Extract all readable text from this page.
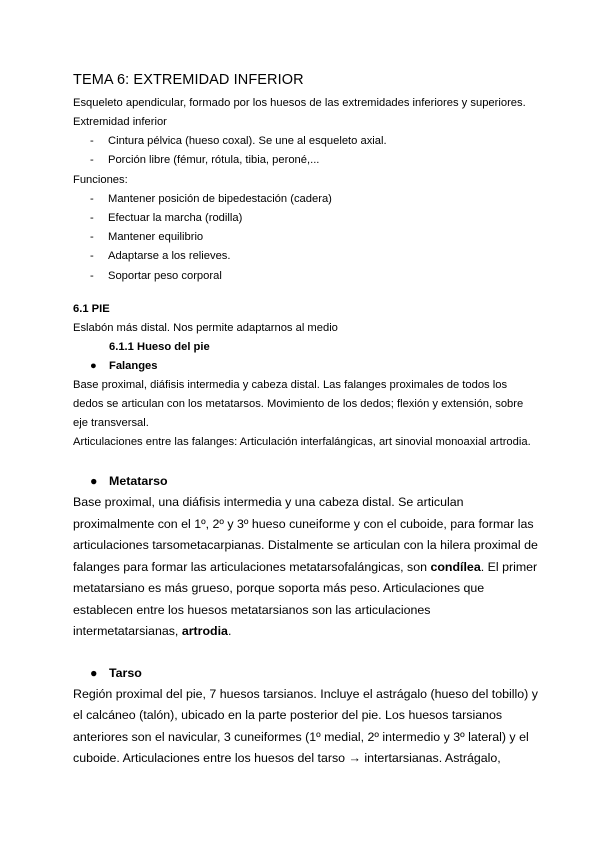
TEMA 6: EXTREMIDAD INFERIOR

Esqueleto apendicular, formado por los huesos de las extremidades inferiores y superiores.

Extremidad inferior

- Cintura pélvica (hueso coxal). Se une al esqueleto axial.
- Porción libre (fémur, rótula, tibia, peroné,...

Funciones:

- Mantener posición de bipedestación (cadera)
- Efectuar la marcha (rodilla)
- Mantener equilibrio
- Adaptarse a los relieves.
- Soportar peso corporal

6.1 PIE

Eslabón más distal. Nos permite adaptarnos al medio

6.1.1 Hueso del pie

● Falanges

Base proximal, diáfisis intermedia y cabeza distal. Las falanges proximales de todos los

dedos se articulan con los metatarsos. Movimiento de los dedos; flexión y extensión, sobre

eje transversal.

Articulaciones entre las falanges: Articulación interfalángicas, art sinovial monoaxial artrodia.

● Metatarso

Base proximal, una diáfisis intermedia y una cabeza distal. Se articulan

proximalmente con el 1º, 2º y 3º hueso cuneiforme y con el cuboide, para formar las

articulaciones tarsometacarpianas. Distalmente se articulan con la hilera proximal de

falanges para formar las articulaciones metatarsofalángicas, son condílea. El primer

metatarsiano es más grueso, porque soporta más peso. Articulaciones que

establecen entre los huesos metatarsianos son las articulaciones

intermetatarsianas, artrodia.

● Tarso

Región proximal del pie, 7 huesos tarsianos. Incluye el astrágalo (hueso del tobillo) y

el calcáneo (talón), ubicado en la parte posterior del pie. Los huesos tarsianos

anteriores son el navicular, 3 cuneiformes (1º medial, 2º intermedio y 3º lateral) y el

cuboide. Articulaciones entre los huesos del tarso → intertarsianas. Astrágalo,
